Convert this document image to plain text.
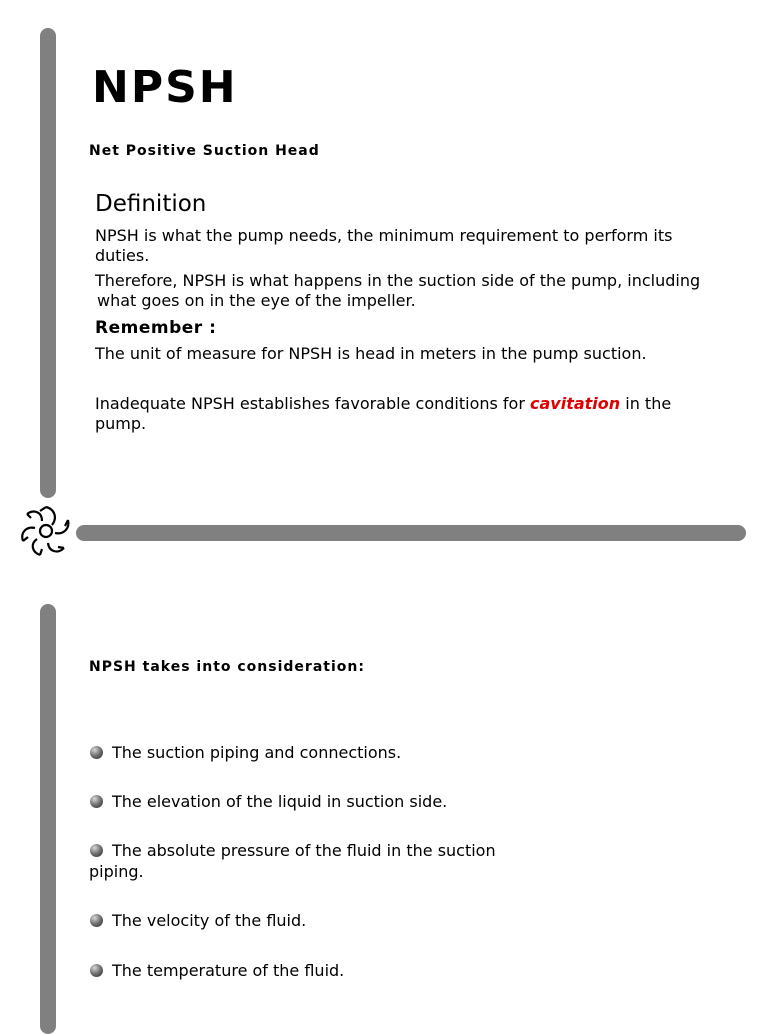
NPSH
Net Positive Suction Head
Definition
NPSH is what the pump needs, the minimum requirement to perform its
duties.
Therefore, NPSH is what happens in the suction side of the pump, including
what goes on in the eye of the impeller.
Remember :
The unit of measure for NPSH is head in meters in the pump suction.
Inadequate NPSH establishes favorable conditions for cavitation in the
pump.
NPSH takes into consideration:
The suction piping and connections.
The elevation of the liquid in suction side.
The absolute pressure of the fluid in the suction
piping.
The velocity of the fluid.
The temperature of the fluid.
